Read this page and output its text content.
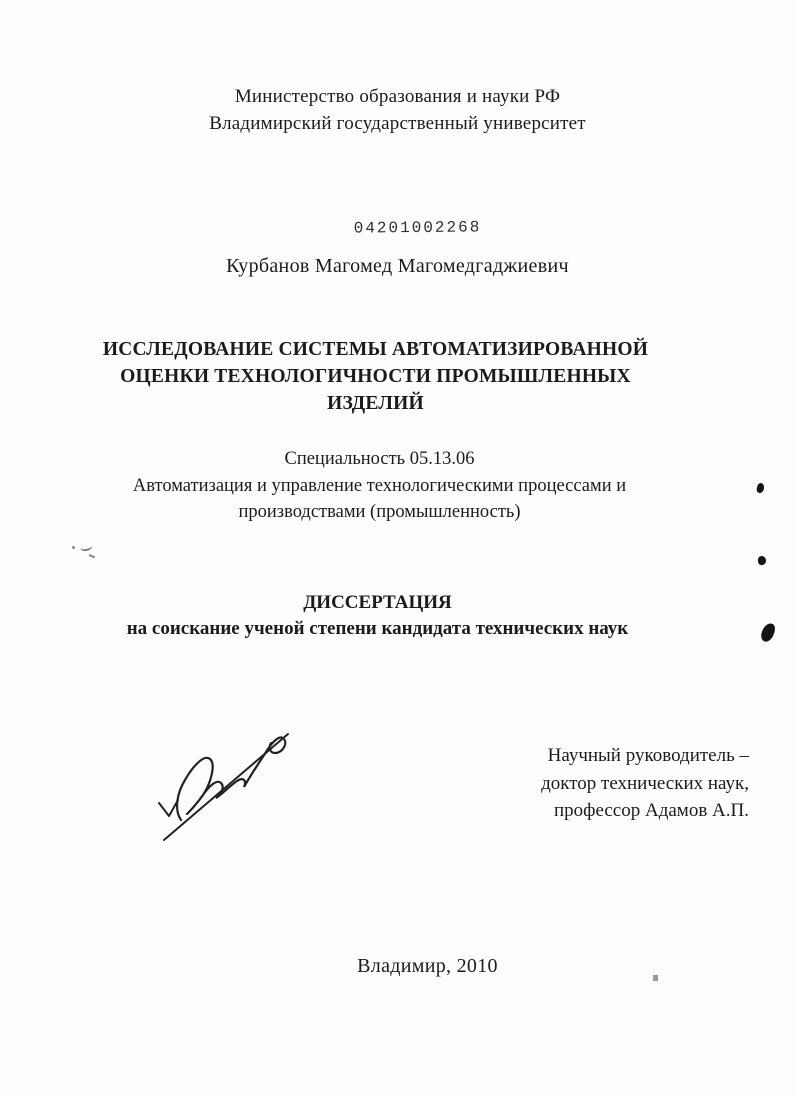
Министерство образования и науки РФ
Владимирский государственный университет
04201002268
Курбанов Магомед Магомедгаджиевич
ИССЛЕДОВАНИЕ СИСТЕМЫ АВТОМАТИЗИРОВАННОЙ
ОЦЕНКИ ТЕХНОЛОГИЧНОСТИ ПРОМЫШЛЕННЫХ
ИЗДЕЛИЙ
Специальность 05.13.06
Автоматизация и управление технологическими процессами и
производствами (промышленность)
ДИССЕРТАЦИЯ
на соискание ученой степени кандидата технических наук
Научный руководитель –
доктор технических наук,
профессор Адамов А.П.
Владимир, 2010
